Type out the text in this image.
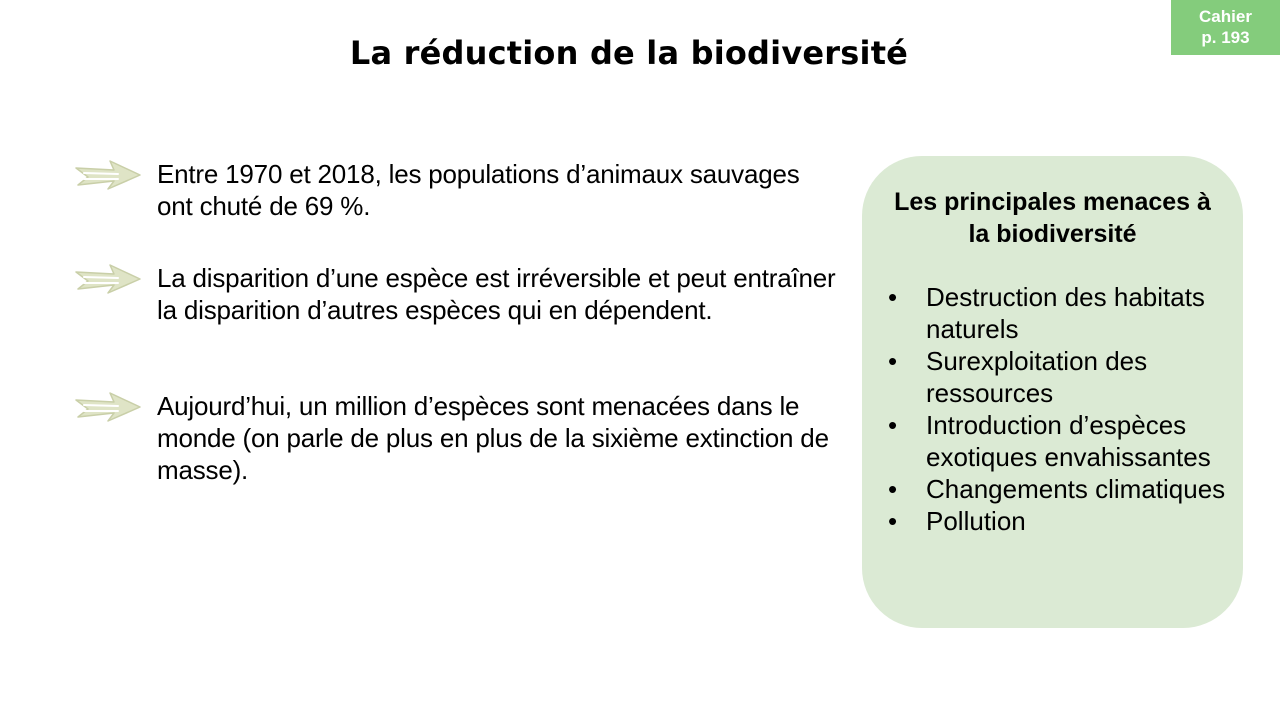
Cahier
p. 193
La réduction de la biodiversité
Entre 1970 et 2018, les populations d’animaux sauvages ont chuté de 69 %.
La disparition d’une espèce est irréversible et peut entraîner la disparition d’autres espèces qui en dépendent.
Aujourd’hui, un million d’espèces sont menacées dans le monde (on parle de plus en plus de la sixième extinction de masse).
Les principales menaces à la biodiversité
• Destruction des habitats naturels
• Surexploitation des ressources
• Introduction d’espèces exotiques envahissantes
• Changements climatiques
• Pollution
